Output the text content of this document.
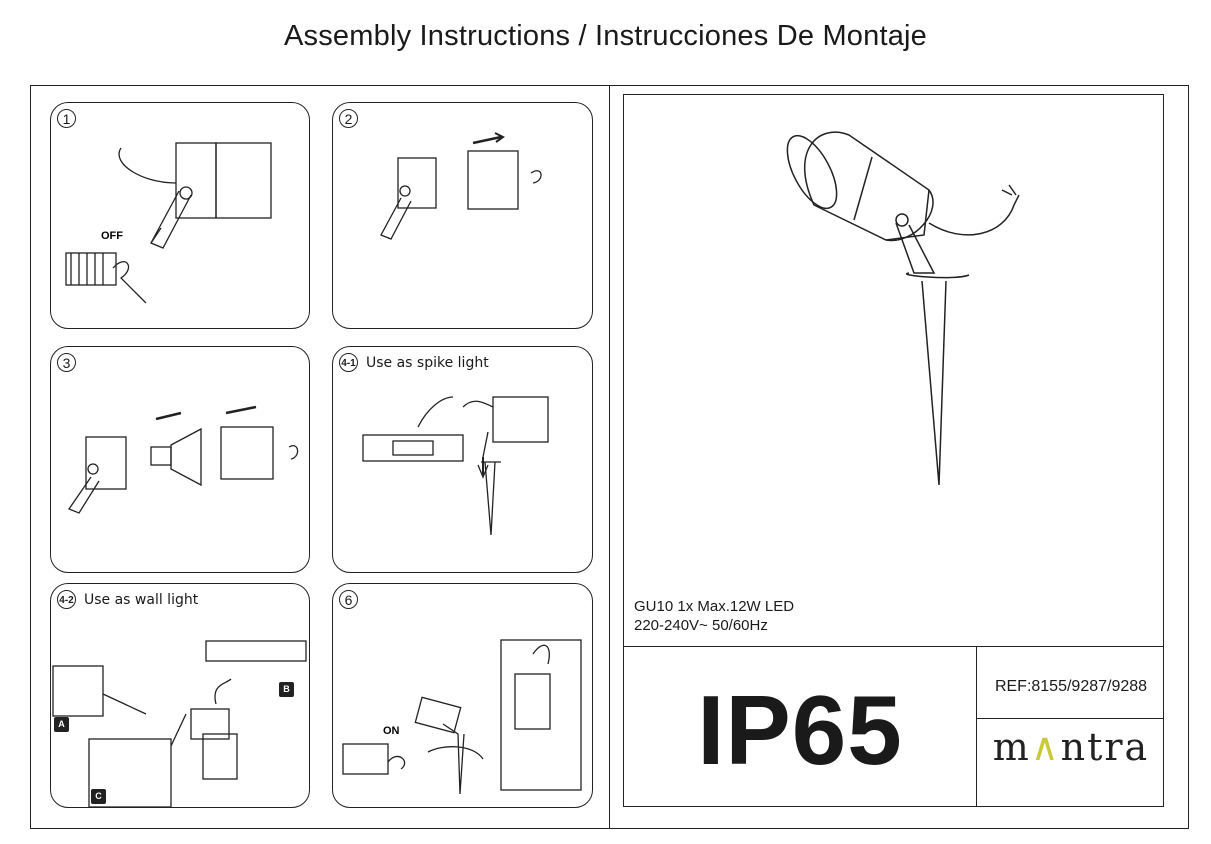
Assembly Instructions / Instrucciones De Montaje
1
OFF
2
3	4-1 Use as spike light
4-2 Use as wall light
A
B
C
6
ON
GU10 1x Max.12W LED
220-240V~ 50/60Hz
IP65	REF:8155/9287/9288
m∧ntra
